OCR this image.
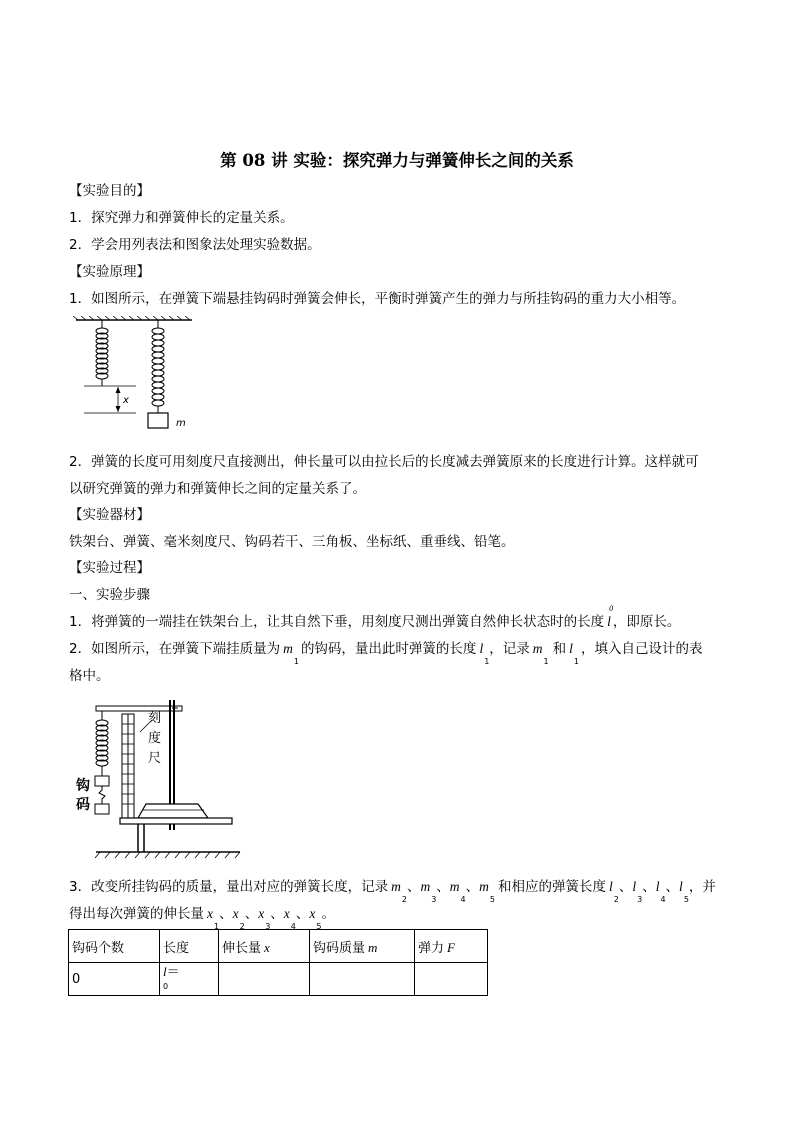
第 08 讲 实验：探究弹力与弹簧伸长之间的关系
【实验目的】
1．探究弹力和弹簧伸长的定量关系。
2．学会用列表法和图象法处理实验数据。
【实验原理】
1．如图所示，在弹簧下端悬挂钩码时弹簧会伸长，平衡时弹簧产生的弹力与所挂钩码的重力大小相等。
x
m
2．弹簧的长度可用刻度尺直接测出，伸长量可以由拉长后的长度减去弹簧原来的长度进行计算。这样就可
以研究弹簧的弹力和弹簧伸长之间的定量关系了。
【实验器材】
铁架台、弹簧、毫米刻度尺、钩码若干、三角板、坐标纸、重垂线、铅笔。
【实验过程】
一、实验步骤
1．将弹簧的一端挂在铁架台上，让其自然下垂，用刻度尺测出弹簧自然伸长状态时的长度 l
0
，即原长。
2．如图所示，在弹簧下端挂质量为 $m_1$的钩码，量出此时弹簧的长度 $l_1$，记录 $m_1$和 $l_1$，填入自己设计的表
格中。
刻
度
尺
钩
码
3．改变所挂钩码的质量，量出对应的弹簧长度，记录 $m_2$、$m_3$、$m_4$、$m_5$和相应的弹簧长度 $l_2$、$l_3$、$l_4$、$l_5$，并
得出每次弹簧的伸长量 $x_1$、$x_2$、$x_3$、$x_4$、$x_5$。
钩码个数	长度	伸长量 x	钩码质量 m	弹力 F
0	l＝
0			
